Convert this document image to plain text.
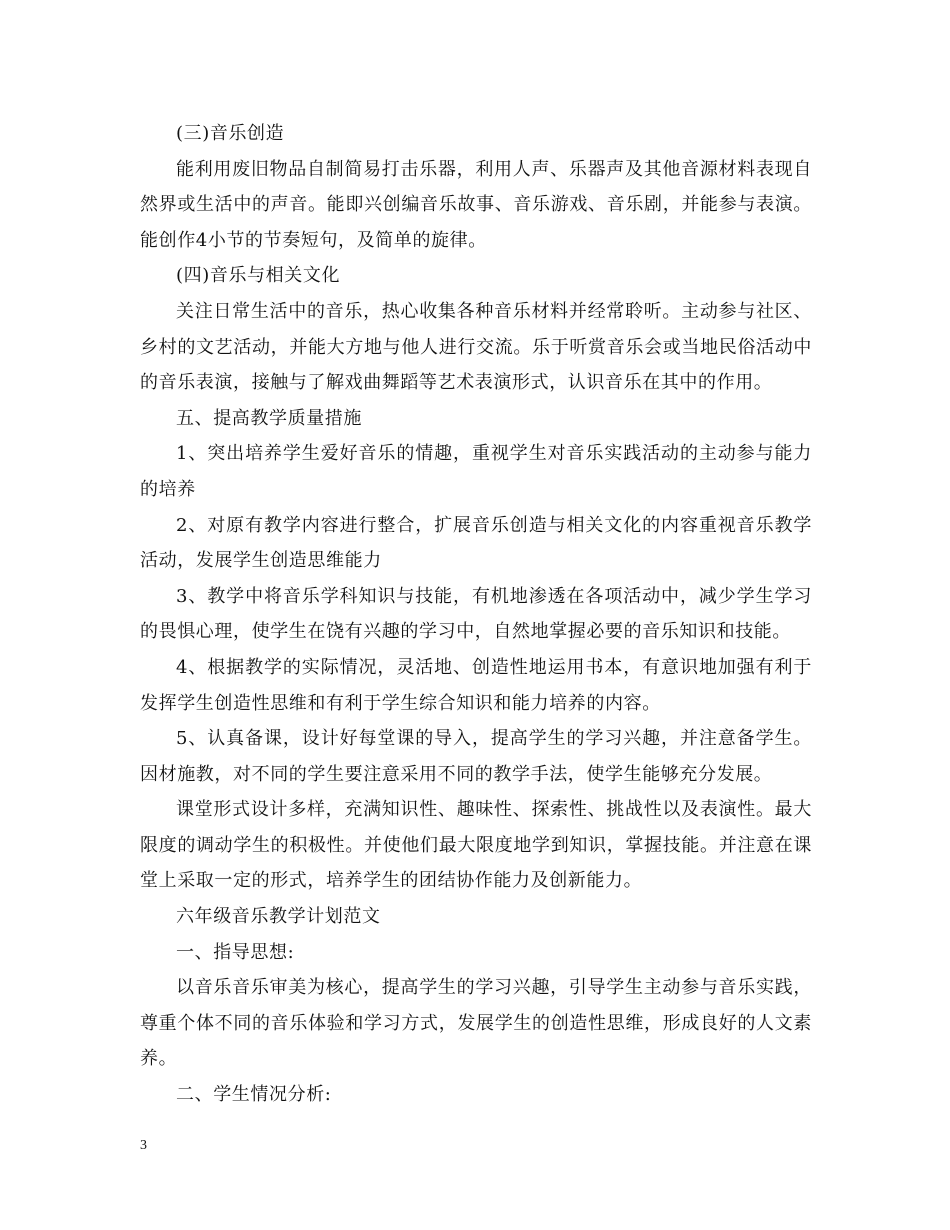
(三)音乐创造

能利用废旧物品自制简易打击乐器，利用人声、乐器声及其他音源材料表现自然界或生活中的声音。能即兴创编音乐故事、音乐游戏、音乐剧，并能参与表演。能创作4小节的节奏短句，及简单的旋律。

(四)音乐与相关文化

关注日常生活中的音乐，热心收集各种音乐材料并经常聆听。主动参与社区、乡村的文艺活动，并能大方地与他人进行交流。乐于听赏音乐会或当地民俗活动中的音乐表演，接触与了解戏曲舞蹈等艺术表演形式，认识音乐在其中的作用。

五、提高教学质量措施

1、突出培养学生爱好音乐的情趣，重视学生对音乐实践活动的主动参与能力的培养

2、对原有教学内容进行整合，扩展音乐创造与相关文化的内容重视音乐教学活动，发展学生创造思维能力

3、教学中将音乐学科知识与技能，有机地渗透在各项活动中，减少学生学习的畏惧心理，使学生在饶有兴趣的学习中，自然地掌握必要的音乐知识和技能。

4、根据教学的实际情况，灵活地、创造性地运用书本，有意识地加强有利于发挥学生创造性思维和有利于学生综合知识和能力培养的内容。

5、认真备课，设计好每堂课的导入，提高学生的学习兴趣，并注意备学生。因材施教，对不同的学生要注意采用不同的教学手法，使学生能够充分发展。

课堂形式设计多样，充满知识性、趣味性、探索性、挑战性以及表演性。最大限度的调动学生的积极性。并使他们最大限度地学到知识，掌握技能。并注意在课堂上采取一定的形式，培养学生的团结协作能力及创新能力。

六年级音乐教学计划范文

一、指导思想:

以音乐音乐审美为核心，提高学生的学习兴趣，引导学生主动参与音乐实践，尊重个体不同的音乐体验和学习方式，发展学生的创造性思维，形成良好的人文素养。

二、学生情况分析:

3
